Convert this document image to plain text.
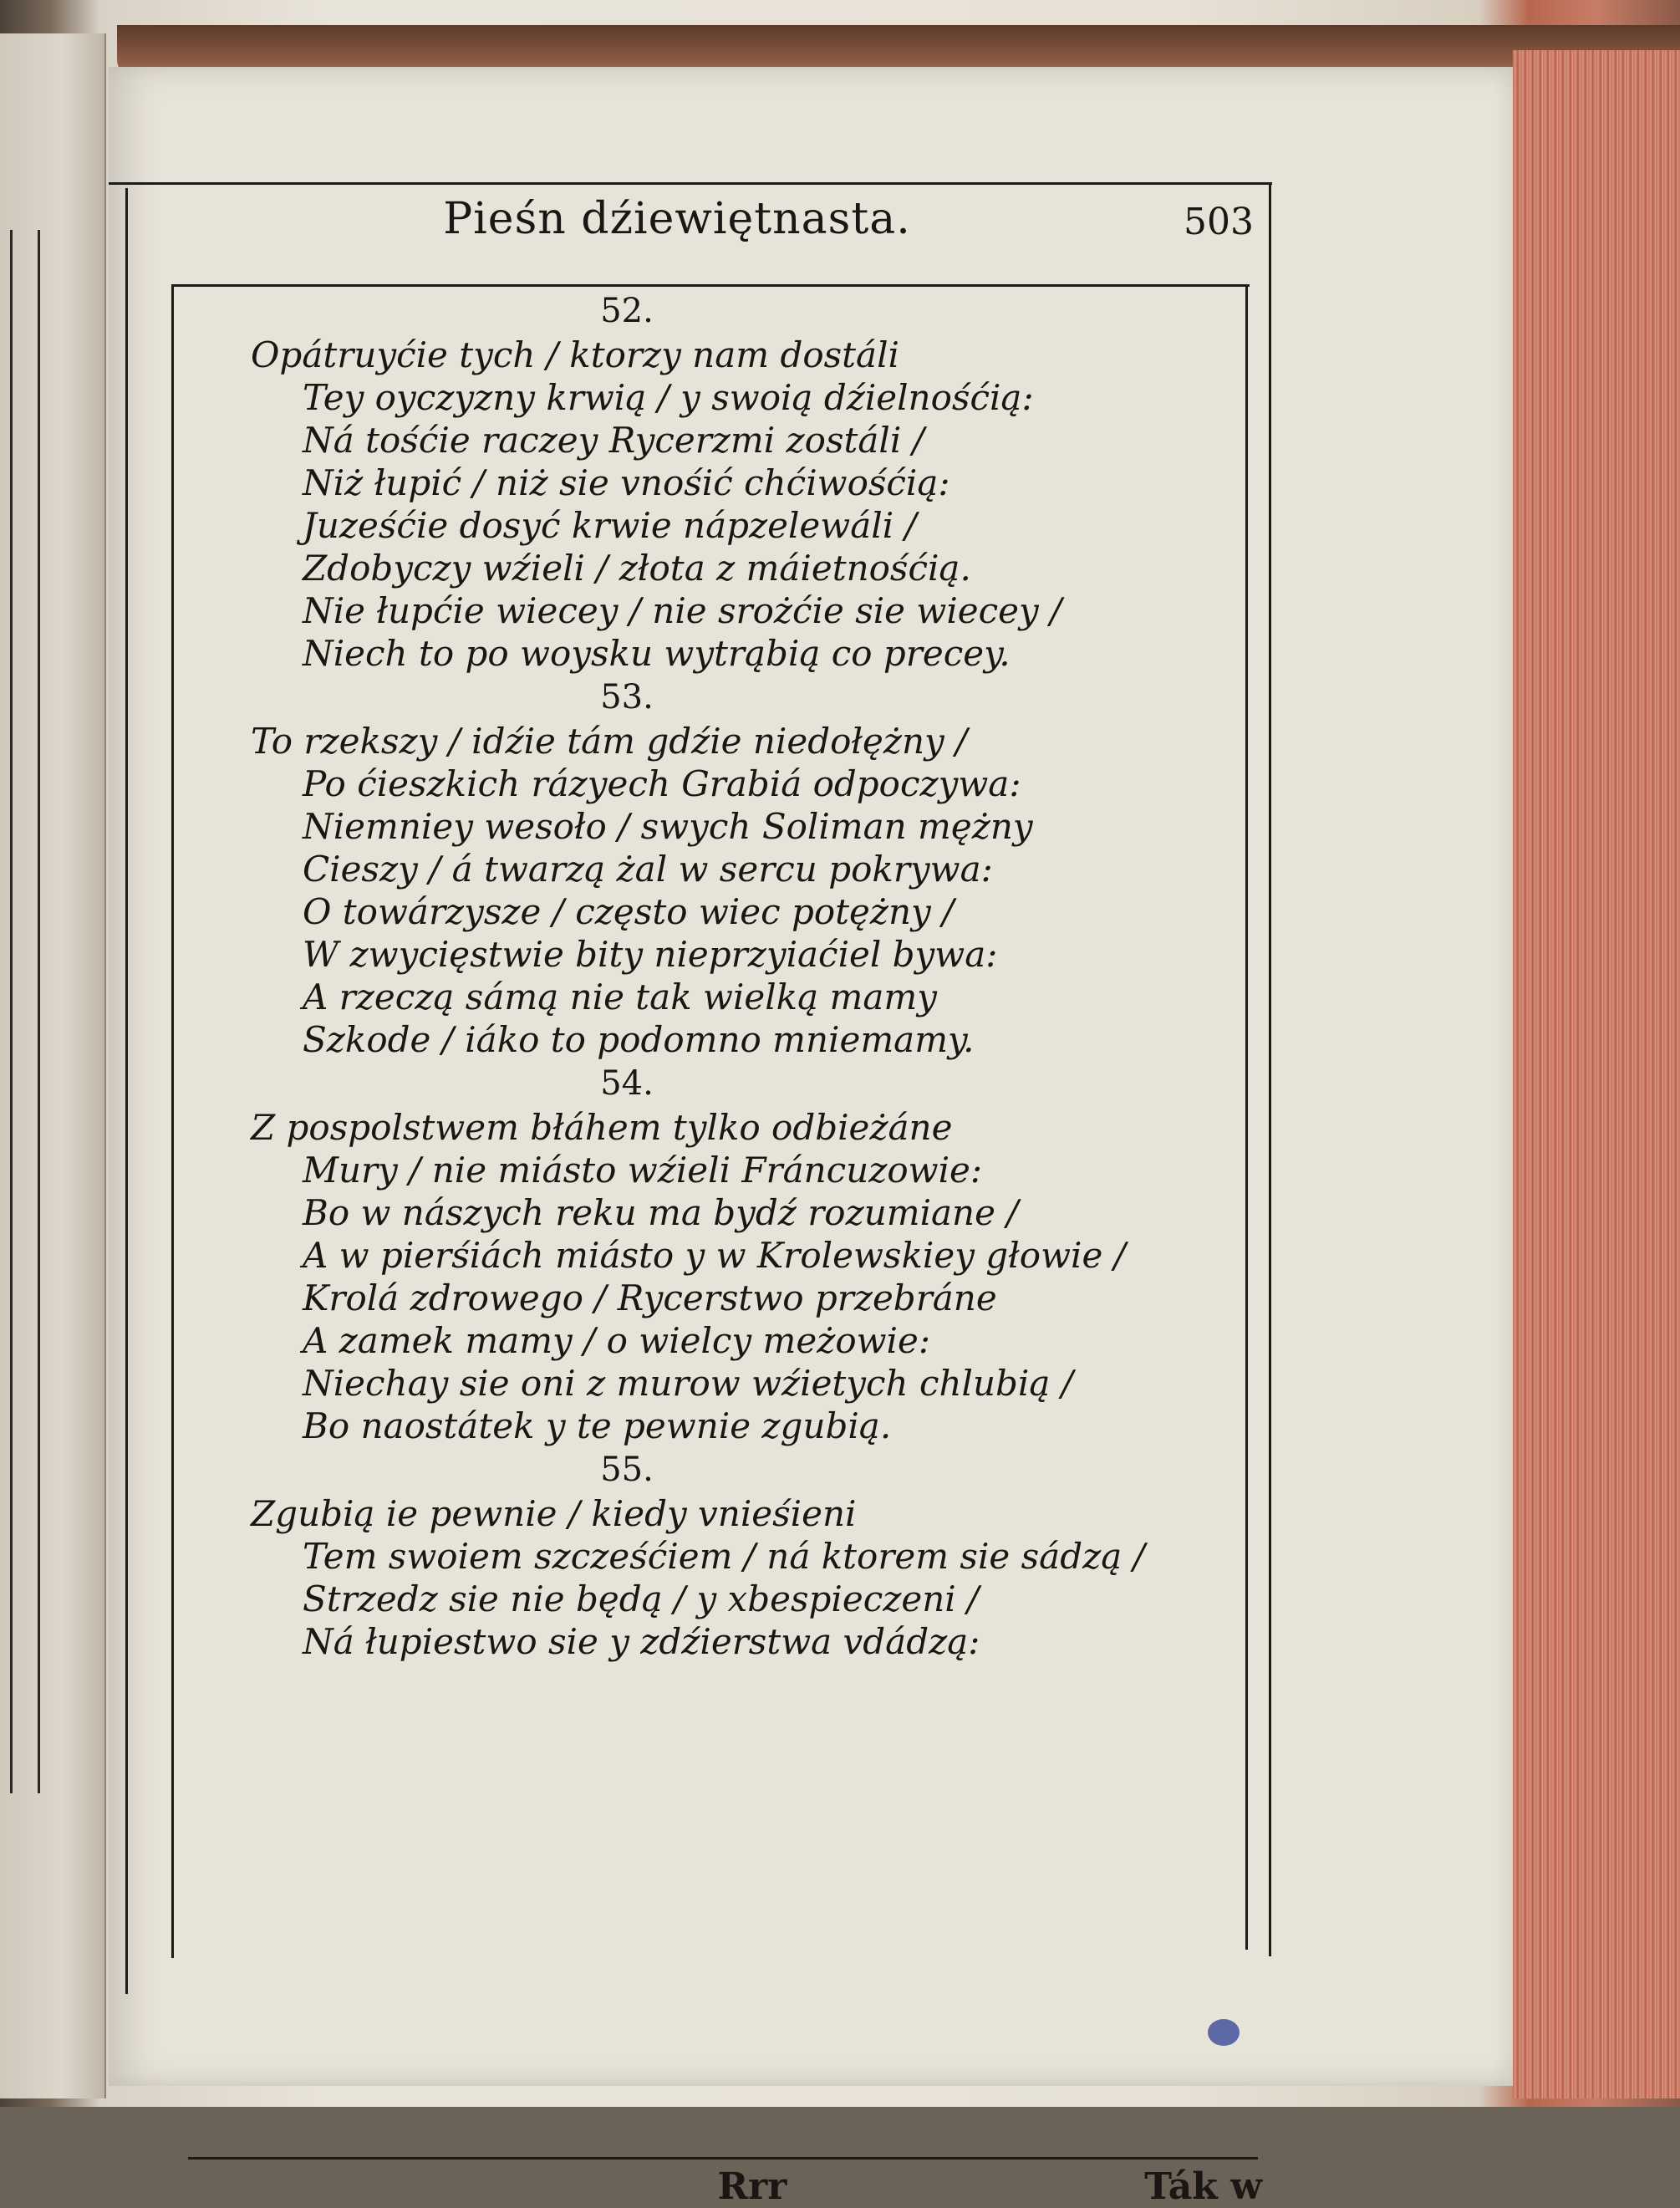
Pieśn dźiewiętnasta.	503
52.
Opátruyćie tych / ktorzy nam dostáli
Tey oyczyzny krwią / y swoią dźielnośćią:
Ná tośćie raczey Rycerzmi zostáli /
Niż łupić / niż sie vnośić chćiwośćią:
Juześćie dosyć krwie nápzelewáli /
Zdobyczy wźieli / złota z máietnośćią.
Nie łupćie wiecey / nie srożćie sie wiecey /
Niech to po woysku wytrąbią co precey.
53.
To rzekszy / idźie tám gdźie niedołężny /
Po ćieszkich rázyech Grabiá odpoczywa:
Niemniey wesoło / swych Soliman mężny
Cieszy / á twarzą żal w sercu pokrywa:
O towárzysze / często wiec potężny /
W zwycięstwie bity nieprzyiaćiel bywa:
A rzeczą sámą nie tak wielką mamy
Szkode / iáko to podomno mniemamy.
54.
Z pospolstwem błáhem tylko odbieżáne
Mury / nie miásto wźieli Fráncuzowie:
Bo w nászych reku ma bydź rozumiane /
A w pierśiách miásto y w Krolewskiey głowie /
Krolá zdrowego / Rycerstwo przebráne
A zamek mamy / o wielcy meżowie:
Niechay sie oni z murow wźietych chlubią /
Bo naostátek y te pewnie zgubią.
55.
Zgubią ie pewnie / kiedy vnieśieni
Tem swoiem szcześćiem / ná ktorem sie sádzą /
Strzedz sie nie będą / y xbespieczeni /
Ná łupiestwo sie y zdźierstwa vdádzą:
Rrr	Ták w
